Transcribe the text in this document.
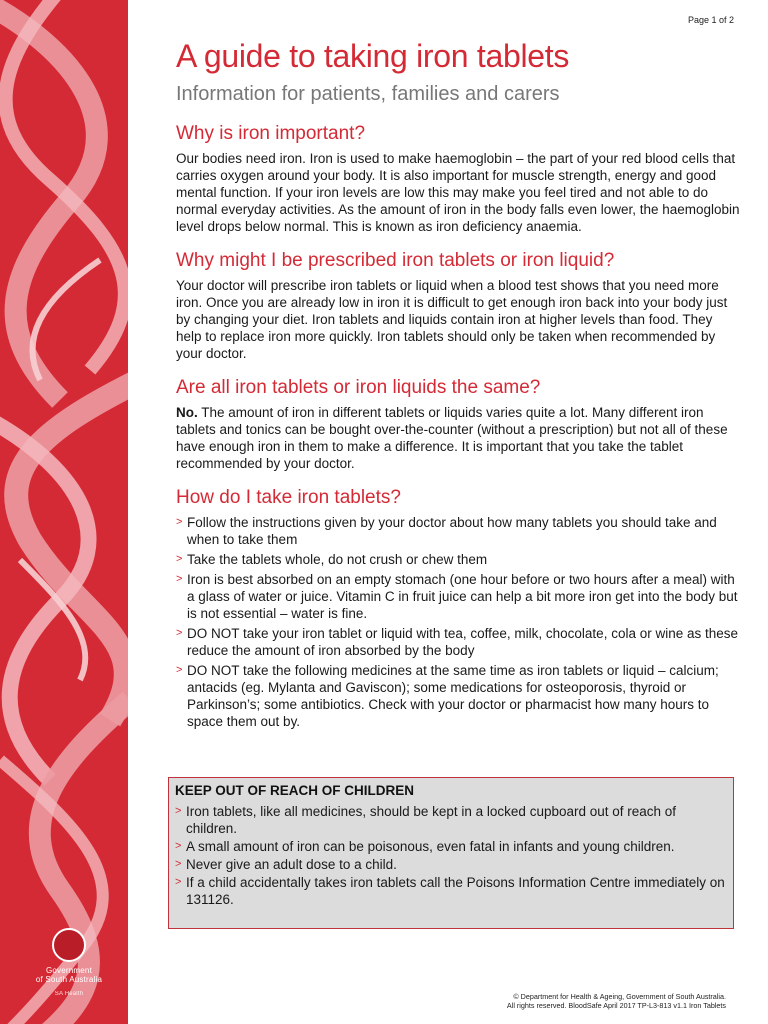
Government
of South Australia
SA Health
Page 1 of 2
A guide to taking iron tablets
Information for patients, families and carers
Why is iron important?

Our bodies need iron. Iron is used to make haemoglobin – the part of your red blood cells that carries oxygen around your body. It is also important for muscle strength, energy and good mental function. If your iron levels are low this may make you feel tired and not able to do normal everyday activities. As the amount of iron in the body falls even lower, the haemoglobin level drops below normal. This is known as iron deficiency anaemia.

Why might I be prescribed iron tablets or iron liquid?

Your doctor will prescribe iron tablets or liquid when a blood test shows that you need more iron. Once you are already low in iron it is difficult to get enough iron back into your body just by changing your diet. Iron tablets and liquids contain iron at higher levels than food. They help to replace iron more quickly. Iron tablets should only be taken when recommended by your doctor.

Are all iron tablets or iron liquids the same?

No. The amount of iron in different tablets or liquids varies quite a lot. Many different iron tablets and tonics can be bought over-the-counter (without a prescription) but not all of these have enough iron in them to make a difference. It is important that you take the tablet recommended by your doctor.

How do I take iron tablets?
> Follow the instructions given by your doctor about how many tablets you should take and when to take them
> Take the tablets whole, do not crush or chew them
> Iron is best absorbed on an empty stomach (one hour before or two hours after a meal) with a glass of water or juice. Vitamin C in fruit juice can help a bit more iron get into the body but is not essential – water is fine.
> DO NOT take your iron tablet or liquid with tea, coffee, milk, chocolate, cola or wine as these reduce the amount of iron absorbed by the body
> DO NOT take the following medicines at the same time as iron tablets or liquid – calcium; antacids (eg. Mylanta and Gaviscon); some medications for osteoporosis, thyroid or Parkinson’s; some antibiotics. Check with your doctor or pharmacist how many hours to space them out by.
KEEP OUT OF REACH OF CHILDREN
> Iron tablets, like all medicines, should be kept in a locked cupboard out of reach of children.
> A small amount of iron can be poisonous, even fatal in infants and young children.
> Never give an adult dose to a child.
> If a child accidentally takes iron tablets call the Poisons Information Centre immediately on 131126.
© Department for Health & Ageing, Government of South Australia.
All rights reserved. BloodSafe April 2017 TP-L3-813 v1.1 Iron Tablets
